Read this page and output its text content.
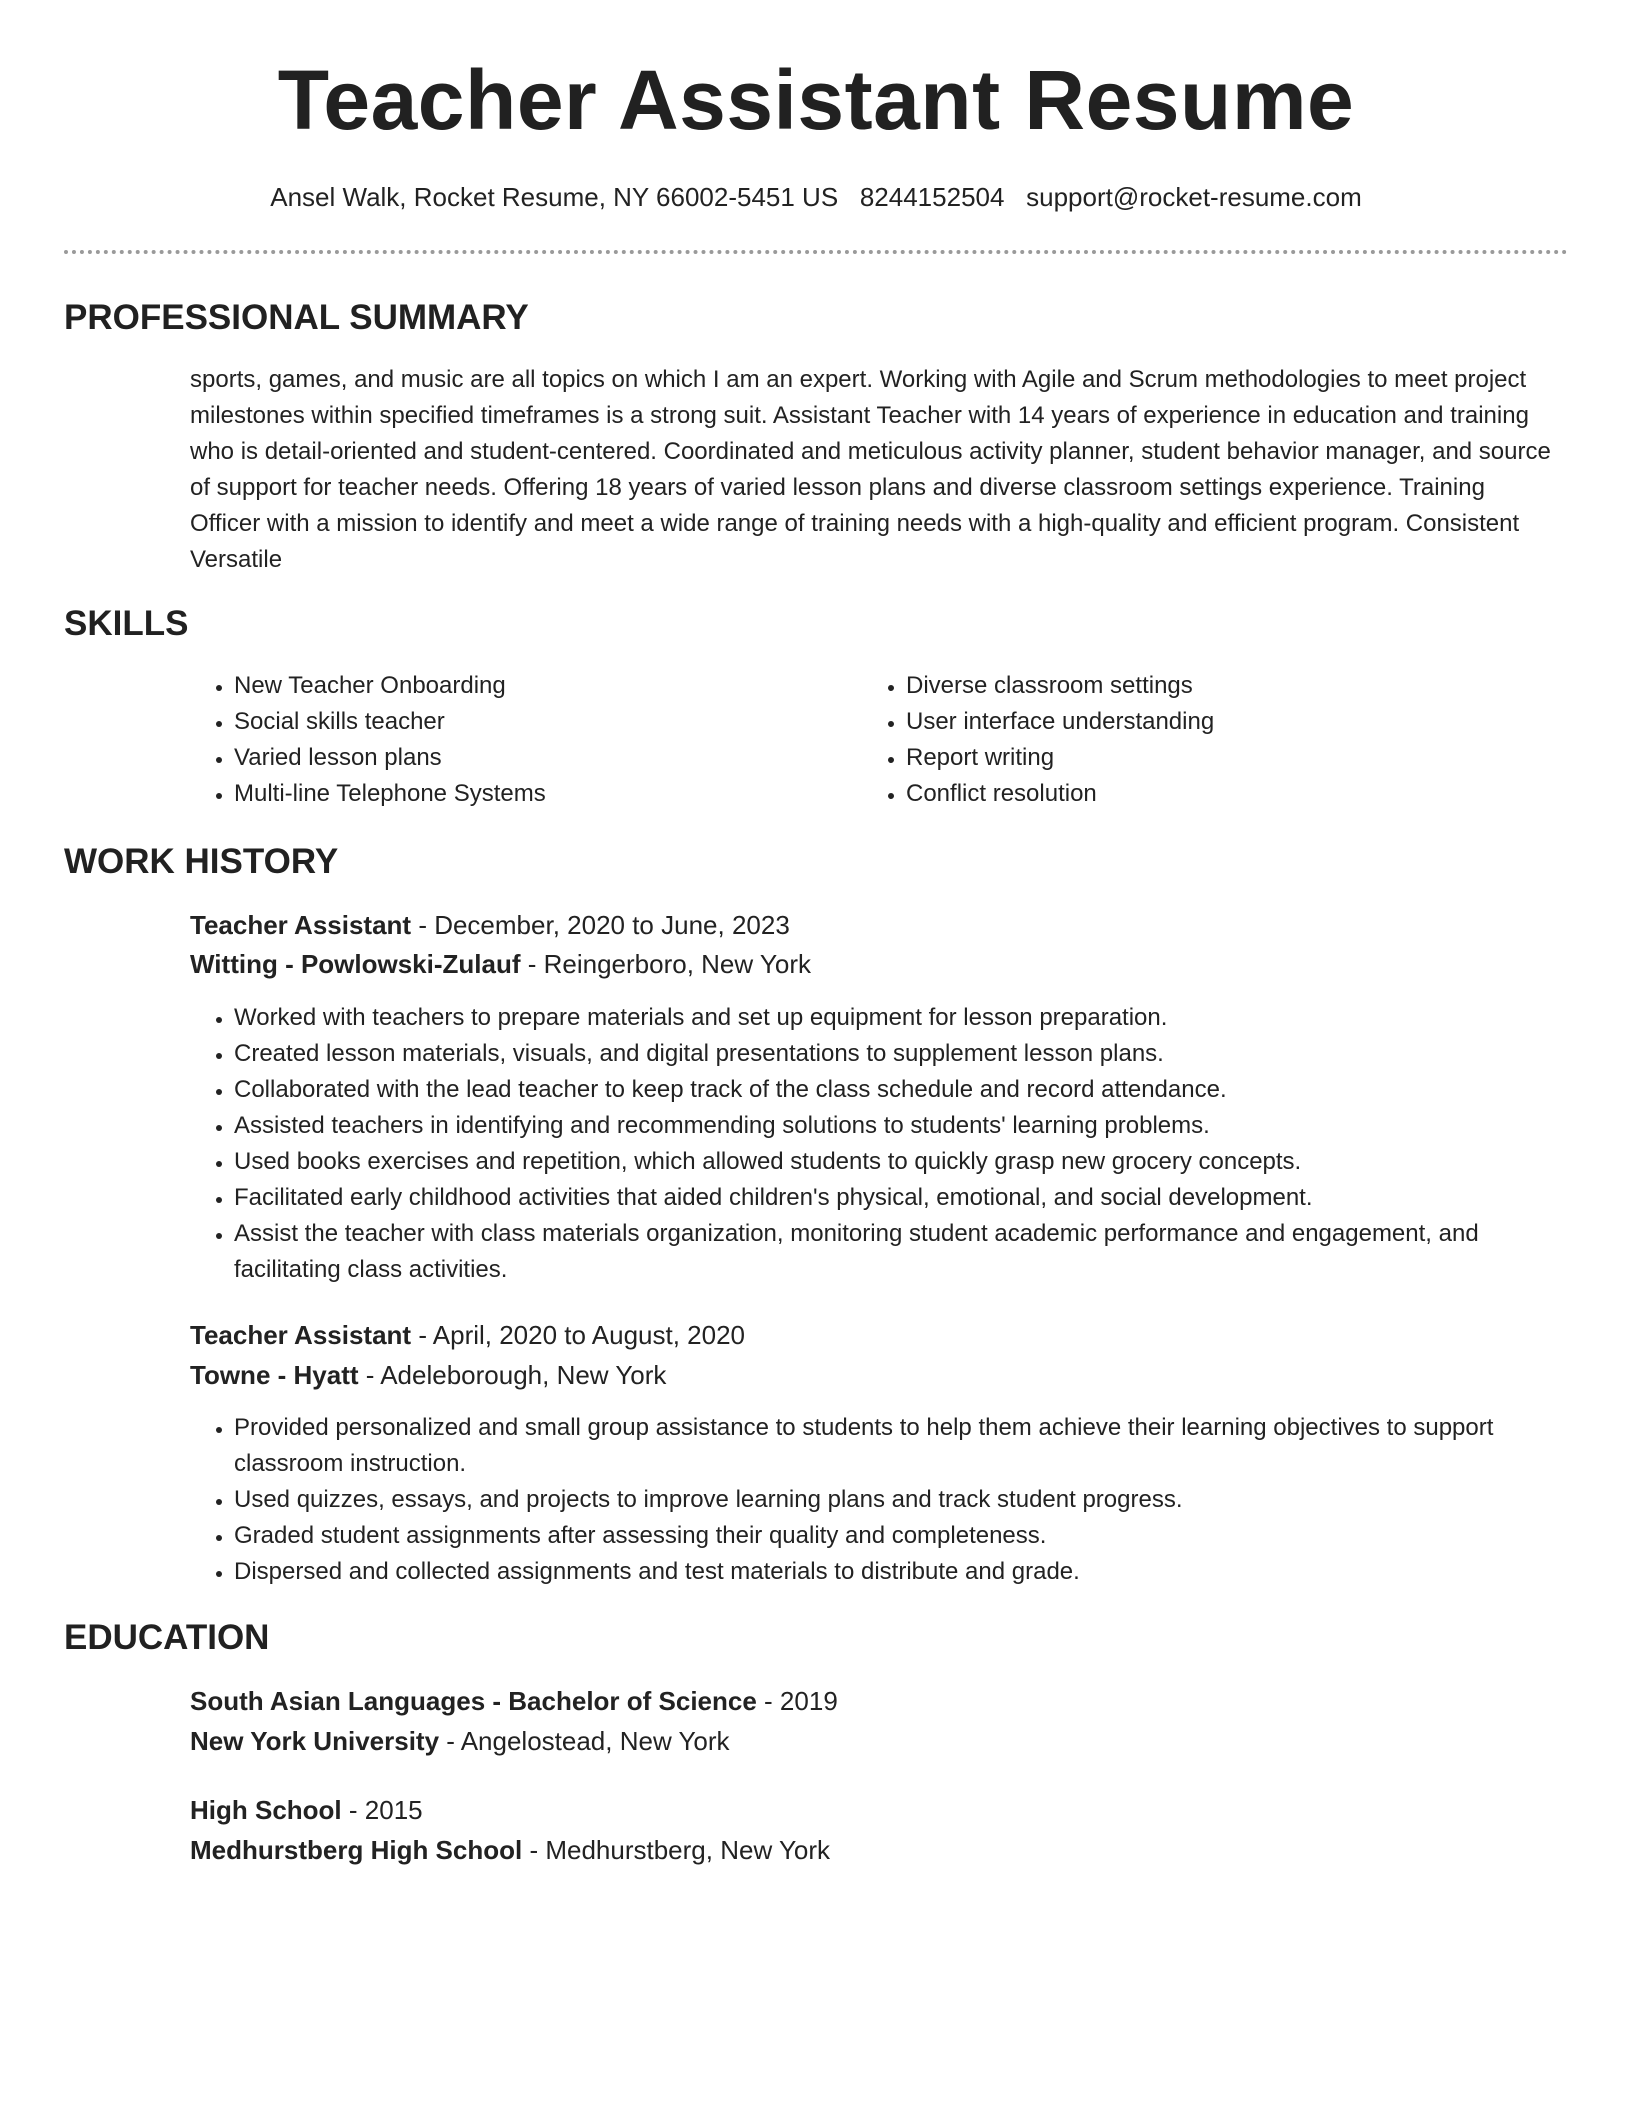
Teacher Assistant Resume
Ansel Walk, Rocket Resume, NY 66002-5451 US 8244152504 support@rocket-resume.com
PROFESSIONAL SUMMARY
sports, games, and music are all topics on which I am an expert. Working with Agile and Scrum methodologies to meet project milestones within specified timeframes is a strong suit. Assistant Teacher with 14 years of experience in education and training who is detail-oriented and student-centered. Coordinated and meticulous activity planner, student behavior manager, and source of support for teacher needs. Offering 18 years of varied lesson plans and diverse classroom settings experience. Training Officer with a mission to identify and meet a wide range of training needs with a high-quality and efficient program. Consistent Versatile
SKILLS
• New Teacher Onboarding
• Social skills teacher
• Varied lesson plans
• Multi-line Telephone Systems
• Diverse classroom settings
• User interface understanding
• Report writing
• Conflict resolution
WORK HISTORY
Teacher Assistant - December, 2020 to June, 2023
Witting - Powlowski-Zulauf - Reingerboro, New York
• Worked with teachers to prepare materials and set up equipment for lesson preparation.
• Created lesson materials, visuals, and digital presentations to supplement lesson plans.
• Collaborated with the lead teacher to keep track of the class schedule and record attendance.
• Assisted teachers in identifying and recommending solutions to students' learning problems.
• Used books exercises and repetition, which allowed students to quickly grasp new grocery concepts.
• Facilitated early childhood activities that aided children's physical, emotional, and social development.
• Assist the teacher with class materials organization, monitoring student academic performance and engagement, and facilitating class activities.
Teacher Assistant - April, 2020 to August, 2020
Towne - Hyatt - Adeleborough, New York
• Provided personalized and small group assistance to students to help them achieve their learning objectives to support classroom instruction.
• Used quizzes, essays, and projects to improve learning plans and track student progress.
• Graded student assignments after assessing their quality and completeness.
• Dispersed and collected assignments and test materials to distribute and grade.
EDUCATION
South Asian Languages - Bachelor of Science - 2019
New York University - Angelostead, New York
High School - 2015
Medhurstberg High School - Medhurstberg, New York
